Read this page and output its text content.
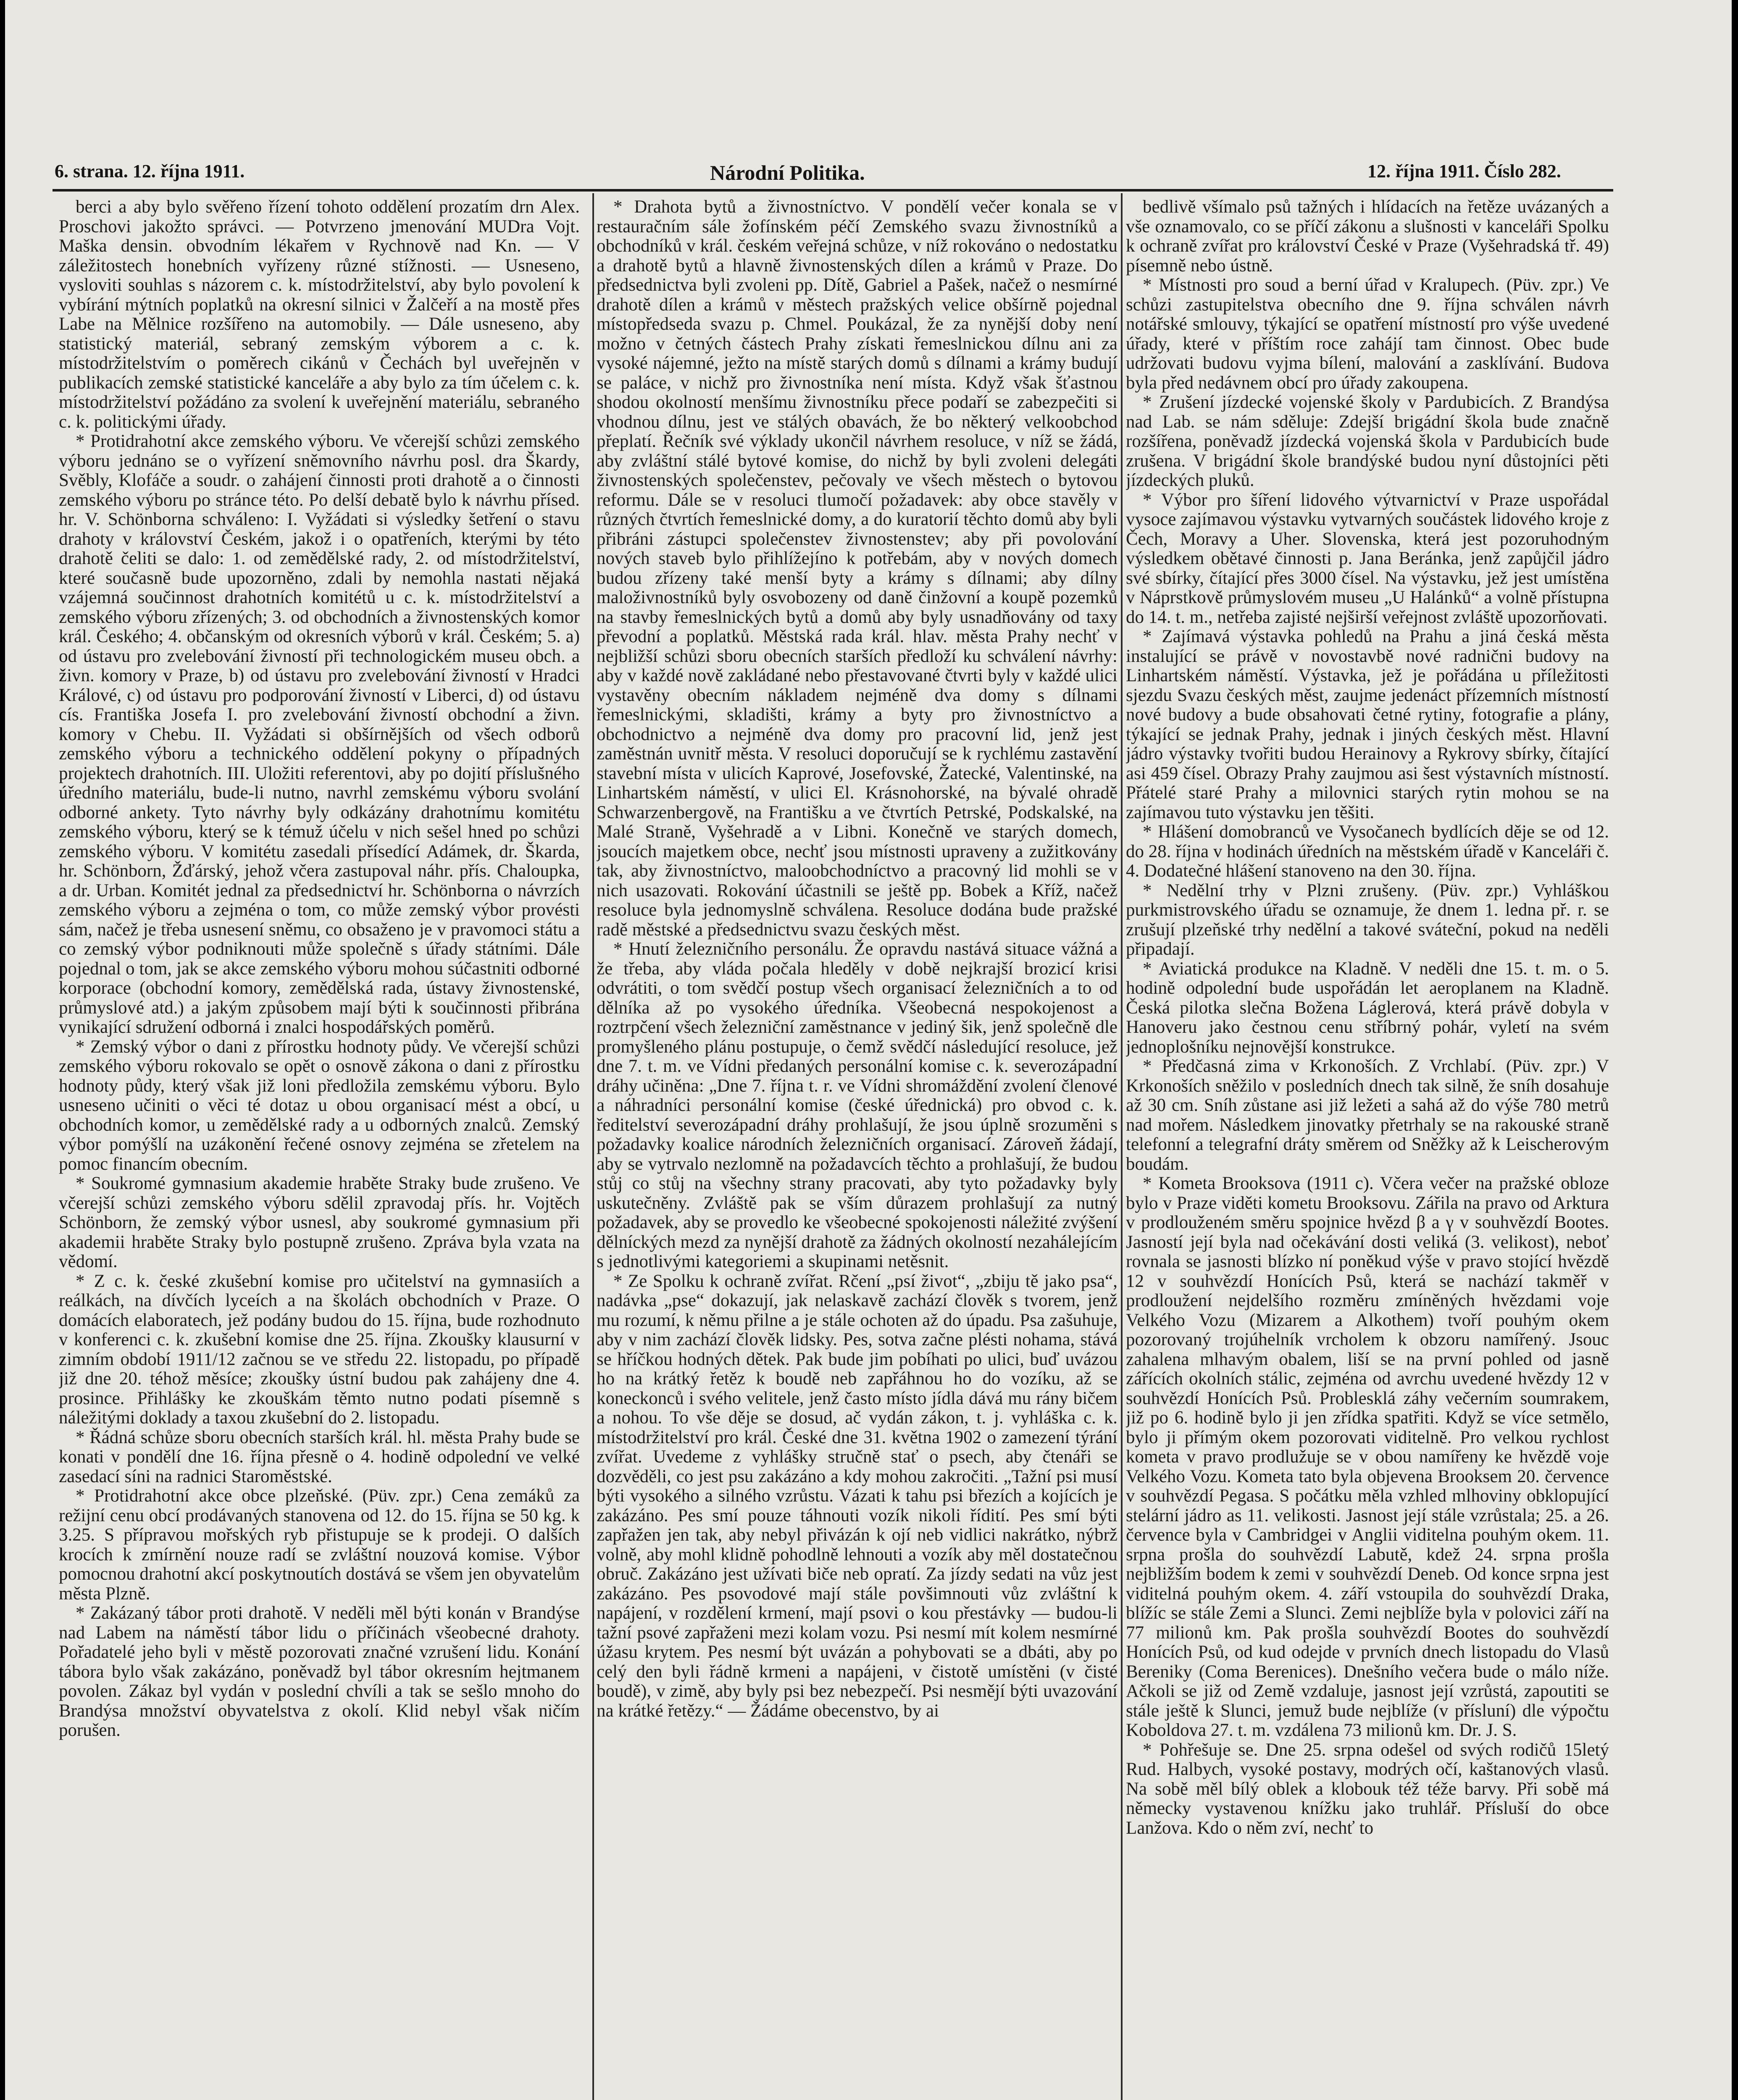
6. strana. 12. října 1911.	Národní Politika.	12. října 1911. Číslo 282.

berci a aby bylo svěřeno řízení tohoto oddělení prozatím drn Alex. Proschovi jakožto správci. — Potvrzeno jmenování MUDra Vojt. Maška densin. obvodním lékařem v Rychnově nad Kn. — V záležitostech honebních vyřízeny různé stížnosti. — Usneseno, vysloviti souhlas s názorem c. k. místodržitelství, aby bylo povolení k vybírání mýtních poplatků na okresní silnici v Žalčeří a na mostě přes Labe na Mělnice rozšířeno na automobily. — Dále usneseno, aby statistický materiál, sebraný zemským výborem a c. k. místodržitelstvím o poměrech cikánů v Čechách byl uveřejněn v publikacích zemské statistické kanceláře a aby bylo za tím účelem c. k. místodržitelství požádáno za svolení k uveřejnění materiálu, sebraného c. k. politickými úřady.

* Protidrahotní akce zemského výboru. Ve včerejší schůzi zemského výboru jednáno se o vyřízení sněmovního návrhu posl. dra Škardy, Svěbly, Klofáče a soudr. o zahájení činnosti proti drahotě a o činnosti zemského výboru po stránce této. Po delší debatě bylo k návrhu přísed. hr. V. Schönborna schváleno: I. Vyžádati si výsledky šetření o stavu drahoty v království Českém, jakož i o opatřeních, kterými by této drahotě čeliti se dalo: 1. od zemědělské rady, 2. od místodržitelství, které současně bude upozorněno, zdali by nemohla nastati nějaká vzájemná součinnost drahotních komitétů u c. k. místodržitelství a zemského výboru zřízených; 3. od obchodních a živnostenských komor král. Českého; 4. občanským od okresních výborů v král. Českém; 5. a) od ústavu pro zvelebování živností při technologickém museu obch. a živn. komory v Praze, b) od ústavu pro zvelebování živností v Hradci Králové, c) od ústavu pro podporování živností v Liberci, d) od ústavu cís. Františka Josefa I. pro zvelebování živností obchodní a živn. komory v Chebu. II. Vyžádati si obšírnějších od všech odborů zemského výboru a technického oddělení pokyny o případných projektech drahotních. III. Uložiti referentovi, aby po dojití příslušného úředního materiálu, bude-li nutno, navrhl zemskému výboru svolání odborné ankety. Tyto návrhy byly odkázány drahotnímu komitétu zemského výboru, který se k témuž účelu v nich sešel hned po schůzi zemského výboru. V komitétu zasedali přísedící Adámek, dr. Škarda, hr. Schönborn, Žďárský, jehož včera zastupoval náhr. přís. Chaloupka, a dr. Urban. Komitét jednal za předsednictví hr. Schönborna o návrzích zemského výboru a zejména o tom, co může zemský výbor provésti sám, načež je třeba usnesení sněmu, co obsaženo je v pravomoci státu a co zemský výbor podniknouti může společně s úřady státními. Dále pojednal o tom, jak se akce zemského výboru mohou súčastniti odborné korporace (obchodní komory, zemědělská rada, ústavy živnostenské, průmyslové atd.) a jakým způsobem mají býti k součinnosti přibrána vynikající sdružení odborná i znalci hospodářských poměrů.

* Zemský výbor o dani z přírostku hodnoty půdy. Ve včerejší schůzi zemského výboru rokovalo se opět o osnově zákona o dani z přírostku hodnoty půdy, který však již loni předložila zemskému výboru. Bylo usneseno učiniti o věci té dotaz u obou organisací mést a obcí, u obchodních komor, u zemědělské rady a u odborných znalců. Zemský výbor pomýšlí na uzákonění řečené osnovy zejména se zřetelem na pomoc financím obecním.

* Soukromé gymnasium akademie hraběte Straky bude zrušeno. Ve včerejší schůzi zemského výboru sdělil zpravodaj přís. hr. Vojtěch Schönborn, že zemský výbor usnesl, aby soukromé gymnasium při akademii hraběte Straky bylo postupně zrušeno. Zpráva byla vzata na vědomí.

* Z c. k. české zkušební komise pro učitelství na gymnasiích a reálkách, na dívčích lyceích a na školách obchodních v Praze. O domácích elaboratech, jež podány budou do 15. října, bude rozhodnuto v konferenci c. k. zkušební komise dne 25. října. Zkoušky klausurní v zimním období 1911/12 začnou se ve středu 22. listopadu, po případě již dne 20. téhož měsíce; zkoušky ústní budou pak zahájeny dne 4. prosince. Přihlášky ke zkouškám těmto nutno podati písemně s náležitými doklady a taxou zkušební do 2. listopadu.

* Řádná schůze sboru obecních starších král. hl. města Prahy bude se konati v pondělí dne 16. října přesně o 4. hodině odpolední ve velké zasedací síni na radnici Staroměstské.

* Protidrahotní akce obce plzeňské. (Püv. zpr.) Cena zemáků za režijní cenu obcí prodávaných stanovena od 12. do 15. října se 50 kg. k 3.25. S přípravou mořských ryb přistupuje se k prodeji. O dalších krocích k zmírnění nouze radí se zvláštní nouzová komise. Výbor pomocnou drahotní akcí poskytnoutích dostává se všem jen obyvatelům města Plzně.

* Zakázaný tábor proti drahotě. V neděli měl býti konán v Brandýse nad Labem na náměstí tábor lidu o příčinách všeobecné drahoty. Pořadatelé jeho byli v městě pozorovati značné vzrušení lidu. Konání tábora bylo však zakázáno, poněvadž byl tábor okresním hejtmanem povolen. Zákaz byl vydán v poslední chvíli a tak se sešlo mnoho do Brandýsa množství obyvatelstva z okolí. Klid nebyl však ničím porušen.

* Drahota bytů a živnostníctvo. V pondělí večer konala se v restauračním sále žofínském péčí Zemského svazu živnostníků a obchodníků v král. českém veřejná schůze, v níž rokováno o nedostatku a drahotě bytů a hlavně živnostenských dílen a krámů v Praze. Do předsednictva byli zvoleni pp. Dítě, Gabriel a Pašek, načež o nesmírné drahotě dílen a krámů v městech pražských velice obšírně pojednal místopředseda svazu p. Chmel. Poukázal, že za nynější doby není možno v četných částech Prahy získati řemeslnickou dílnu ani za vysoké nájemné, ježto na místě starých domů s dílnami a krámy budují se paláce, v nichž pro živnostníka není místa. Když však šťastnou shodou okolností menšímu živnostníku přece podaří se zabezpečiti si vhodnou dílnu, jest ve stálých obavách, že bo některý velkoobchod přeplatí. Řečník své výklady ukončil návrhem resoluce, v níž se žádá, aby zvláštní stálé bytové komise, do nichž by byli zvoleni delegáti živnostenských společenstev, pečovaly ve všech městech o bytovou reformu. Dále se v resoluci tlumočí požadavek: aby obce stavěly v různých čtvrtích řemeslnické domy, a do kuratorií těchto domů aby byli přibráni zástupci společenstev živnostenstev; aby při povolování nových staveb bylo přihlížejíno k potřebám, aby v nových domech budou zřízeny také menší byty a krámy s dílnami; aby dílny maloživnostníků byly osvobozeny od daně činžovní a koupě pozemků na stavby řemeslnických bytů a domů aby byly usnadňovány od taxy převodní a poplatků. Městská rada král. hlav. města Prahy nechť v nejbližší schůzi sboru obecních starších předloží ku schválení návrhy: aby v každé nově zakládané nebo přestavované čtvrti byly v každé ulici vystavěny obecním nákladem nejméně dva domy s dílnami řemeslnickými, skladišti, krámy a byty pro živnostníctvo a obchodnictvo a nejméně dva domy pro pracovní lid, jenž jest zaměstnán uvnitř města. V resoluci doporučují se k rychlému zastavění stavební místa v ulicích Kaprové, Josefovské, Žatecké, Valentinské, na Linhartském náměstí, v ulici El. Krásnohorské, na bývalé ohradě Schwarzenbergově, na Františku a ve čtvrtích Petrské, Podskalské, na Malé Straně, Vyšehradě a v Libni. Konečně ve starých domech, jsoucích majetkem obce, nechť jsou místnosti upraveny a zužitkovány tak, aby živnostníctvo, maloobchodníctvo a pracovný lid mohli se v nich usazovati. Rokování účastnili se ještě pp. Bobek a Kříž, načež resoluce byla jednomyslně schválena. Resoluce dodána bude pražské radě městské a předsednictvu svazu českých měst.

* Hnutí železničního personálu. Že opravdu nastává situace vážná a že třeba, aby vláda počala hleděly v době nejkrajší brozicí krisi odvrátiti, o tom svědčí postup všech organisací železničních a to od dělníka až po vysokého úředníka. Všeobecná nespokojenost a roztrpčení všech železniční zaměstnance v jediný šik, jenž společně dle promyšleného plánu postupuje, o čemž svědčí následující resoluce, jež dne 7. t. m. ve Vídni předaných personální komise c. k. severozápadní dráhy učiněna: „Dne 7. října t. r. ve Vídni shromáždění zvolení členové a náhradníci personální komise (české úřednická) pro obvod c. k. ředitelství severozápadní dráhy prohlašují, že jsou úplně srozuměni s požadavky koalice národních železničních organisací. Zároveň žádají, aby se vytrvalo nezlomně na požadavcích těchto a prohlašují, že budou stůj co stůj na všechny strany pracovati, aby tyto požadavky byly uskutečněny. Zvláště pak se vším důrazem prohlašují za nutný požadavek, aby se provedlo ke všeobecné spokojenosti náležité zvýšení dělníckých mezd za nynější drahotě za žádných okolností nezahálejícím s jednotlivými kategoriemi a skupinami netěsnit.

* Ze Spolku k ochraně zvířat. Rčení „psí život“, „zbiju tě jako psa“, nadávka „pse“ dokazují, jak nelaskavě zachází člověk s tvorem, jenž mu rozumí, k němu přilne a je stále ochoten až do úpadu. Psa zašuhuje, aby v nim zachází člověk lidsky. Pes, sotva začne plésti nohama, stává se hříčkou hodných dětek. Pak bude jim pobíhati po ulici, buď uvázou ho na krátký řetěz k boudě neb zapřáhnou ho do vozíku, až se koneckonců i svého velitele, jenž často místo jídla dává mu rány bičem a nohou. To vše děje se dosud, ač vydán zákon, t. j. vyhláška c. k. místodržitelství pro král. České dne 31. května 1902 o zamezení týrání zvířat. Uvedeme z vyhlášky stručně stať o psech, aby čtenáři se dozvěděli, co jest psu zakázáno a kdy mohou zakročiti. „Tažní psi musí býti vysokého a silného vzrůstu. Vázati k tahu psi březích a kojících je zakázáno. Pes smí pouze táhnouti vozík nikoli řídití. Pes smí býti zapřažen jen tak, aby nebyl přivázán k ojí neb vidlici nakrátko, nýbrž volně, aby mohl klidně pohodlně lehnouti a vozík aby měl dostatečnou obruč. Zakázáno jest užívati biče neb opratí. Za jízdy sedati na vůz jest zakázáno. Pes psovodové mají stále povšimnouti vůz zvláštní k napájení, v rozdělení krmení, mají psovi o kou přestávky — budou-li tažní psové zapřaženi mezi kolam vozu. Psi nesmí mít kolem nesmírné úžasu krytem. Pes nesmí být uvázán a pohybovati se a dbáti, aby po celý den byli řádně krmeni a napájeni, v čistotě umístěni (v čisté boudě), v zimě, aby byly psi bez nebezpečí. Psi nesmějí býti uvazování na krátké řetězy.“ — Žádáme obecenstvo, by ai

bedlivě všímalo psů tažných i hlídacích na řetěze uvázaných a vše oznamovalo, co se příčí zákonu a slušnosti v kanceláři Spolku k ochraně zvířat pro království České v Praze (Vyšehradská tř. 49) písemně nebo ústně.

* Místnosti pro soud a berní úřad v Kralupech. (Püv. zpr.) Ve schůzi zastupitelstva obecního dne 9. října schválen návrh notářské smlouvy, týkající se opatření místností pro výše uvedené úřady, které v příštím roce zahájí tam činnost. Obec bude udržovati budovu vyjma bílení, malování a zasklívání. Budova byla před nedávnem obcí pro úřady zakoupena.

* Zrušení jízdecké vojenské školy v Pardubicích. Z Brandýsa nad Lab. se nám sděluje: Zdejší brigádní škola bude značně rozšířena, poněvadž jízdecká vojenská škola v Pardubicích bude zrušena. V brigádní škole brandýské budou nyní důstojníci pěti jízdeckých pluků.

* Výbor pro šíření lidového výtvarnictví v Praze uspořádal vysoce zajímavou výstavku vytvarných součástek lidového kroje z Čech, Moravy a Uher. Slovenska, která jest pozoruhodným výsledkem obětavé činnosti p. Jana Beránka, jenž zapůjčil jádro své sbírky, čítající přes 3000 čísel. Na výstavku, jež jest umístěna v Náprstkově průmyslovém museu „U Halánků“ a volně přístupna do 14. t. m., netřeba zajisté nejširší veřejnost zvláště upozorňovati.

* Zajímavá výstavka pohledů na Prahu a jiná česká města instalující se právě v novostavbě nové radnični budovy na Linhartském náměstí. Výstavka, jež je pořádána u příležitosti sjezdu Svazu českých měst, zaujme jedenáct přízemních místností nové budovy a bude obsahovati četné rytiny, fotografie a plány, týkající se jednak Prahy, jednak i jiných českých měst. Hlavní jádro výstavky tvořiti budou Herainovy a Rykrovy sbírky, čítající asi 459 čísel. Obrazy Prahy zaujmou asi šest výstavních místností. Přátelé staré Prahy a milovnici starých rytin mohou se na zajímavou tuto výstavku jen těšiti.

* Hlášení domobranců ve Vysočanech bydlících děje se od 12. do 28. října v hodinách úředních na městském úřadě v Kanceláři č. 4. Dodatečné hlášení stanoveno na den 30. října.

* Nedělní trhy v Plzni zrušeny. (Püv. zpr.) Vyhláškou purkmistrovského úřadu se oznamuje, že dnem 1. ledna př. r. se zrušují plzeňské trhy nedělní a takové sváteční, pokud na neděli připadají.

* Aviatická produkce na Kladně. V neděli dne 15. t. m. o 5. hodině odpolední bude uspořádán let aeroplanem na Kladně. Česká pilotka slečna Božena Láglerová, která právě dobyla v Hanoveru jako čestnou cenu stříbrný pohár, vyletí na svém jednoplošníku nejnovější konstrukce.

* Předčasná zima v Krkonoších. Z Vrchlabí. (Püv. zpr.) V Krkonoších sněžilo v posledních dnech tak silně, že sníh dosahuje až 30 cm. Sníh zůstane asi již ležeti a sahá až do výše 780 metrů nad mořem. Následkem jinovatky přetrhaly se na rakouské straně telefonní a telegrafní dráty směrem od Sněžky až k Leischerovým boudám.

* Kometa Brooksova (1911 c). Včera večer na pražské obloze bylo v Praze viděti kometu Brooksovu. Zářila na pravo od Arktura v prodlouženém směru spojnice hvězd β a γ v souhvězdí Bootes. Jasností její byla nad očekávání dosti veliká (3. velikost), neboť rovnala se jasnosti blízko ní poněkud výše v pravo stojící hvězdě 12 v souhvězdí Honících Psů, která se nachází takměř v prodloužení nejdelšího rozměru zmíněných hvězdami voje Velkého Vozu (Mizarem a Alkothem) tvoří pouhým okem pozorovaný trojúhelník vrcholem k obzoru namířený. Jsouc zahalena mlhavým obalem, liší se na první pohled od jasně zářících okolních stálic, zejména od avrchu uvedené hvězdy 12 v souhvězdí Honících Psů. Problesklá záhy večerním soumrakem, již po 6. hodině bylo ji jen zřídka spatřiti. Když se více setmělo, bylo ji přímým okem pozorovati viditelně. Pro velkou rychlost kometa v pravo prodlužuje se v obou namířeny ke hvězdě voje Velkého Vozu. Kometa tato byla objevena Brooksem 20. července v souhvězdí Pegasa. S počátku měla vzhled mlhoviny obklopující stelární jádro as 11. velikosti. Jasnost její stále vzrůstala; 25. a 26. července byla v Cambridgei v Anglii viditelna pouhým okem. 11. srpna prošla do souhvězdí Labutě, kdež 24. srpna prošla nejbližším bodem k zemi v souhvězdí Deneb. Od konce srpna jest viditelná pouhým okem. 4. září vstoupila do souhvězdí Draka, blížíc se stále Zemi a Slunci. Zemi nejblíže byla v polovici září na 77 milionů km. Pak prošla souhvězdí Bootes do souhvězdí Honících Psů, od kud odejde v prvních dnech listopadu do Vlasů Bereniky (Coma Berenices). Dnešního večera bude o málo níže. Ačkoli se již od Země vzdaluje, jasnost její vzrůstá, zapoutiti se stále ještě k Slunci, jemuž bude nejblíže (v přísluní) dle výpočtu Koboldova 27. t. m. vzdálena 73 milionů km. Dr. J. S.

* Pohřešuje se. Dne 25. srpna odešel od svých rodičů 15letý Rud. Halbych, vysoké postavy, modrých očí, kaštanových vlasů. Na sobě měl bílý oblek a klobouk též téže barvy. Při sobě má německy vystavenou knížku jako truhlář. Přísluší do obce Lanžova. Kdo o něm zví, nechť to
